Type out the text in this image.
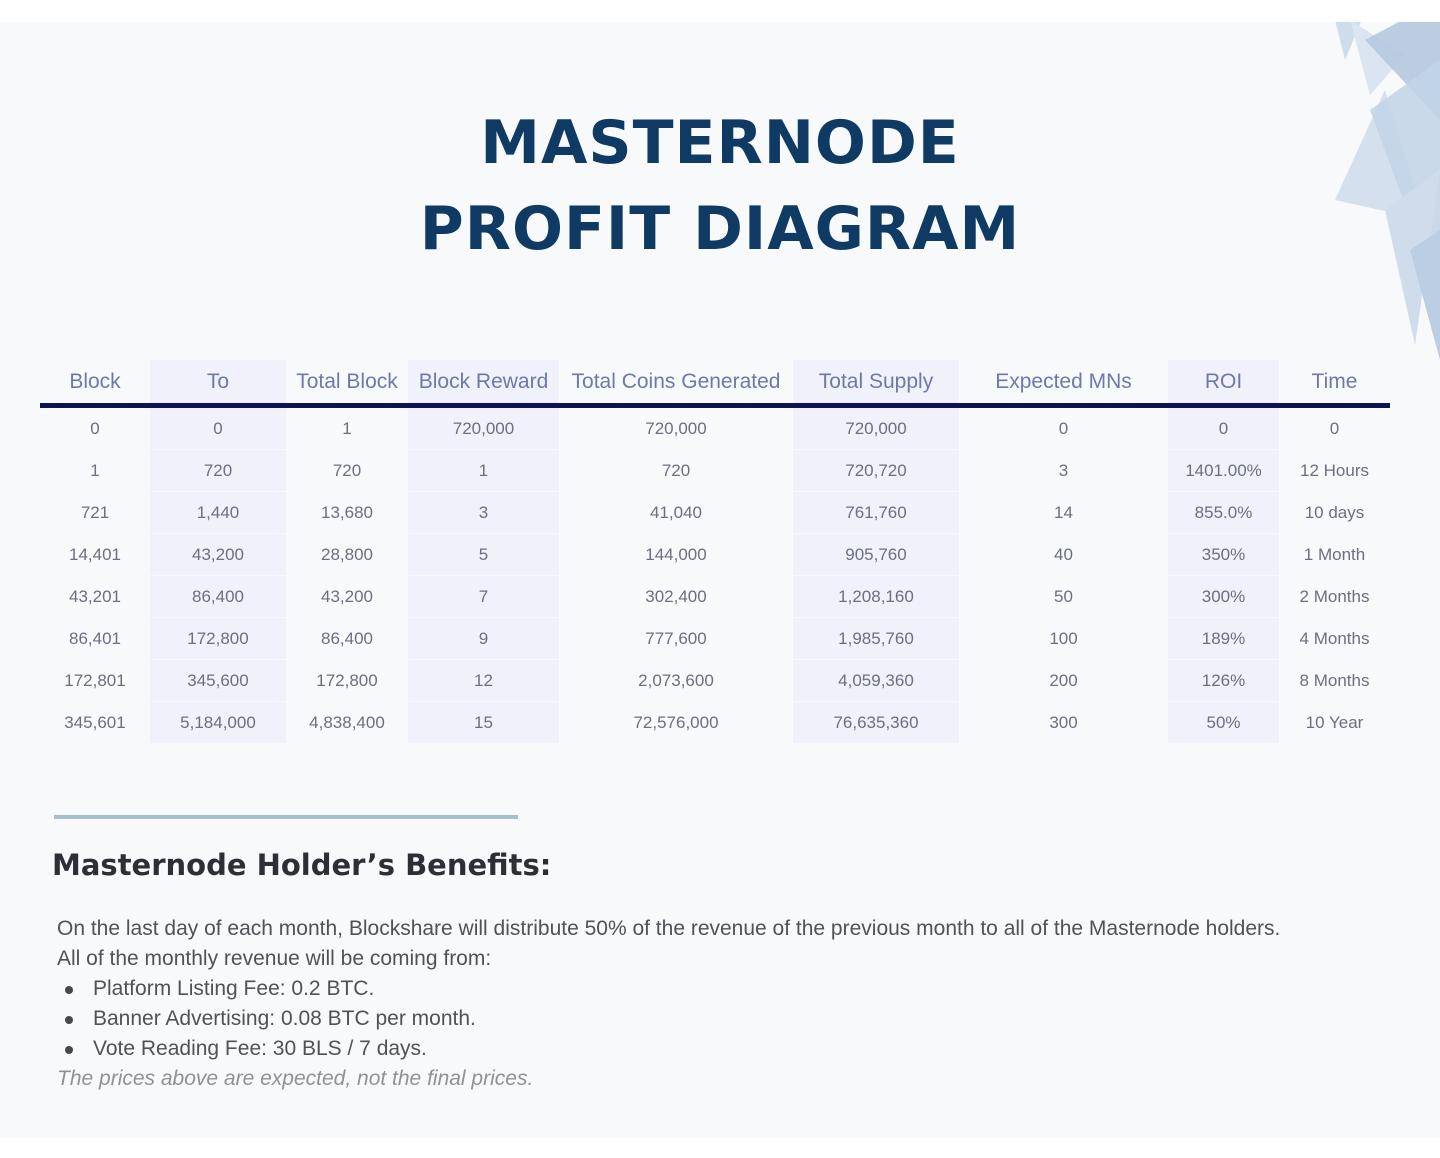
MASTERNODE
PROFIT DIAGRAM
Block	To	Total Block	Block Reward	Total Coins Generated	Total Supply	Expected MNs	ROI	Time
0	0	1	720,000	720,000	720,000	0	0	0
1	720	720	1	720	720,720	3	1401.00%	12 Hours
721	1,440	13,680	3	41,040	761,760	14	855.0%	10 days
14,401	43,200	28,800	5	144,000	905,760	40	350%	1 Month
43,201	86,400	43,200	7	302,400	1,208,160	50	300%	2 Months
86,401	172,800	86,400	9	777,600	1,985,760	100	189%	4 Months
172,801	345,600	172,800	12	2,073,600	4,059,360	200	126%	8 Months
345,601	5,184,000	4,838,400	15	72,576,000	76,635,360	300	50%	10 Year
Masternode Holder’s Benefits:

On the last day of each month, Blockshare will distribute 50% of the revenue of the previous month to all of the Masternode holders.

All of the monthly revenue will be coming from:

Platform Listing Fee: 0.2 BTC.
Banner Advertising: 0.08 BTC per month.
Vote Reading Fee: 30 BLS / 7 days.

The prices above are expected, not the final prices.
